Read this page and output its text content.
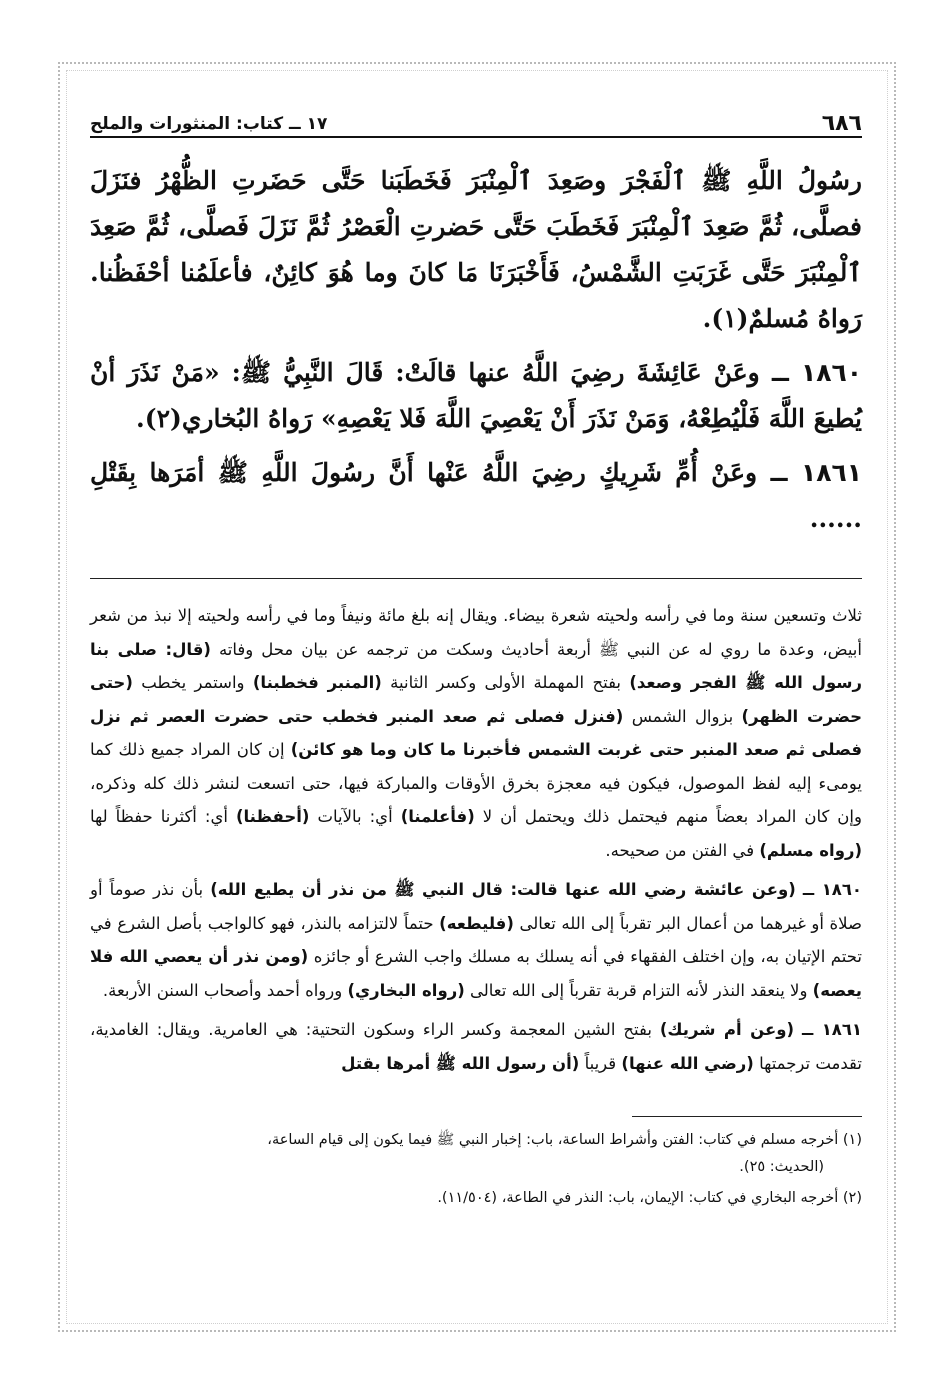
٦٨٦
١٧ ــ كتاب: المنثورات والملح

رسُولُ اللَّهِ ﷺ ٱلْفَجْرَ وصَعِدَ ٱلْمِنْبَرَ فَخَطَبَنا حَتَّى حَضَرتِ الظُّهْرُ فنَزَلَ فصلَّى، ثُمَّ صَعِدَ ٱلْمِنْبَرَ فَخَطَبَ حَتَّى حَضرتِ الْعَصْرُ ثُمَّ نَزَلَ فَصلَّى، ثُمَّ صَعِدَ ٱلْمِنْبَرَ حَتَّى غَرَبَتِ الشَّمْسُ، فَأَخْبَرَنَا مَا كانَ وما هُوَ كائِنٌ، فأعلَمُنا أحْفَظُنا. رَواهُ مُسلمٌ(١).

١٨٦٠ ــ وعَنْ عَائِشَةَ رضِيَ اللَّهُ عنها قالَتْ: قَالَ النَّبِيُّ ﷺ: «مَنْ نَذَرَ أنْ يُطيعَ اللَّهَ فَلْيُطِعْهُ، وَمَنْ نَذَرَ أَنْ يَعْصِيَ اللَّهَ فَلا يَعْصِهِ» رَواهُ البُخاري(٢).

١٨٦١ ــ وعَنْ أُمِّ شَرِيكٍ رضِيَ اللَّهُ عَنْها أَنَّ رسُولَ اللَّهِ ﷺ أمَرَها بِقَتْلِ ......

ثلاث وتسعين سنة وما في رأسه ولحيته شعرة بيضاء. ويقال إنه بلغ مائة ونيفاً وما في رأسه ولحيته إلا نبذ من شعر أبيض، وعدة ما روي له عن النبي ﷺ أربعة أحاديث وسكت من ترجمه عن بيان محل وفاته (قال: صلى بنا رسول الله ﷺ الفجر وصعد) بفتح المهملة الأولى وكسر الثانية (المنبر فخطبنا) واستمر يخطب (حتى حضرت الظهر) بزوال الشمس (فنزل فصلى ثم صعد المنبر فخطب حتى حضرت العصر ثم نزل فصلى ثم صعد المنبر حتى غربت الشمس فأخبرنا ما كان وما هو كائن) إن كان المراد جميع ذلك كما يومىء إليه لفظ الموصول، فيكون فيه معجزة بخرق الأوقات والمباركة فيها، حتى اتسعت لنشر ذلك كله وذكره، وإن كان المراد بعضاً منهم فيحتمل ذلك ويحتمل أن لا (فأعلمنا) أي: بالآيات (أحفظنا) أي: أكثرنا حفظاً لها (رواه مسلم) في الفتن من صحيحه.

١٨٦٠ ــ (وعن عائشة رضي الله عنها قالت: قال النبي ﷺ من نذر أن يطيع الله) بأن نذر صوماً أو صلاة أو غيرهما من أعمال البر تقرباً إلى الله تعالى (فليطعه) حتماً لالتزامه بالنذر، فهو كالواجب بأصل الشرع في تحتم الإتيان به، وإن اختلف الفقهاء في أنه يسلك به مسلك واجب الشرع أو جائزه (ومن نذر أن يعصي الله فلا يعصه) ولا ينعقد النذر لأنه التزام قربة تقرباً إلى الله تعالى (رواه البخاري) ورواه أحمد وأصحاب السنن الأربعة.

١٨٦١ ــ (وعن أم شريك) بفتح الشين المعجمة وكسر الراء وسكون التحتية: هي العامرية. ويقال: الغامدية، تقدمت ترجمتها (رضي الله عنها) قريباً (أن رسول الله ﷺ أمرها بقتل

(١) أخرجه مسلم في كتاب: الفتن وأشراط الساعة، باب: إخبار النبي ﷺ فيما يكون إلى قيام الساعة،
(الحديث: ٢٥).

(٢) أخرجه البخاري في كتاب: الإيمان، باب: النذر في الطاعة، (١١/٥٠٤).
